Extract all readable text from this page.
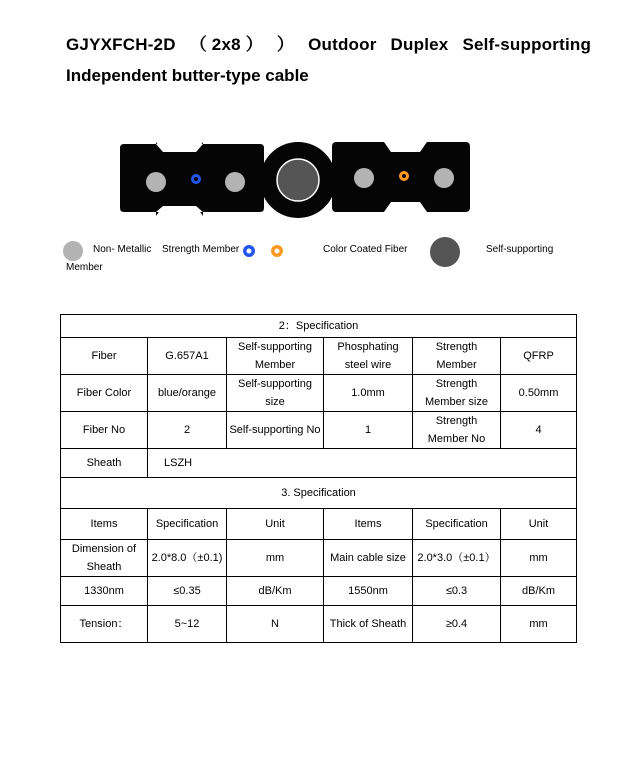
GJYXFCH-2D （ 2x8 ） ） Outdoor Duplex Self-supporting
Independent butter-type cable
Non- Metallic Strength Member	Color Coated Fiber	Self-supporting
Member
2：Specification					
Fiber	G.657A1	Self-supporting Member	Phosphating steel wire	Strength Member	QFRP
Fiber Color	blue/orange	Self-supporting size	1.0mm	Strength Member size	0.50mm
Fiber No	2	Self-supporting No	1	Strength Member No	4
Sheath	LSZH				
3. Specification					
Items	Specification	Unit	Items	Specification	Unit
Dimension of Sheath	2.0*8.0（±0.1)	mm	Main cable size	2.0*3.0（±0.1）	mm
1330nm	≤0.35	dB/Km	1550nm	≤0.3	dB/Km
Tension：	5~12	N	Thick of Sheath	≥0.4	mm
